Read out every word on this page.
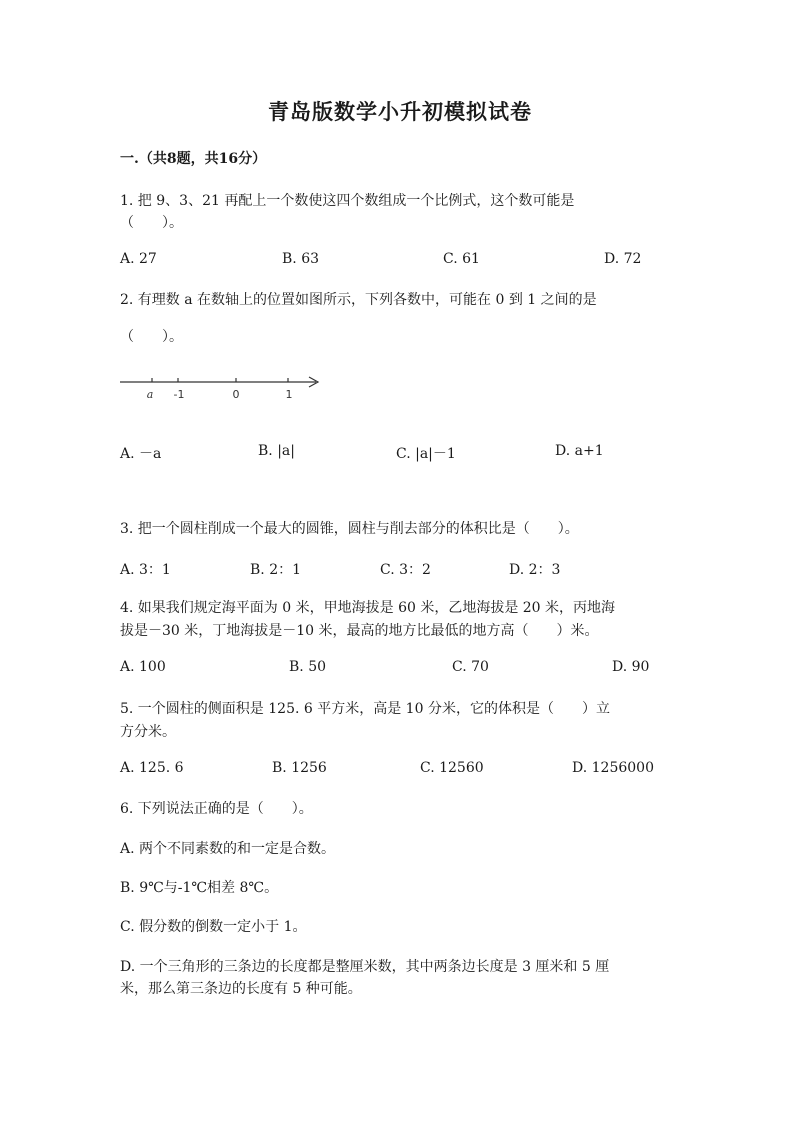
青岛版数学小升初模拟试卷
一.（共8题，共16分）
1. 把 9、3、21 再配上一个数使这四个数组成一个比例式，这个数可能是
（　　）。
A. 27	B. 63	C. 61	D. 72
2. 有理数 a 在数轴上的位置如图所示，下列各数中，可能在 0 到 1 之间的是
（　　）。
a -1	0	1
A. －a	B. |a|	C. |a|－1	D. a+1
3. 把一个圆柱削成一个最大的圆锥，圆柱与削去部分的体积比是（　　）。
A. 3：1	B. 2：1	C. 3：2	D. 2：3
4. 如果我们规定海平面为 0 米，甲地海拔是 60 米，乙地海拔是 20 米，丙地海
拔是－30 米，丁地海拔是－10 米，最高的地方比最低的地方高（　　）米。
A. 100	B. 50	C. 70	D. 90
5. 一个圆柱的侧面积是 125. 6 平方米，高是 10 分米，它的体积是（　　）立
方分米。
A. 125. 6	B. 1256	C. 12560	D. 1256000
6. 下列说法正确的是（　　）。
A. 两个不同素数的和一定是合数。
B. 9℃与-1℃相差 8℃。
C. 假分数的倒数一定小于 1。
D. 一个三角形的三条边的长度都是整厘米数，其中两条边长度是 3 厘米和 5 厘
米，那么第三条边的长度有 5 种可能。
